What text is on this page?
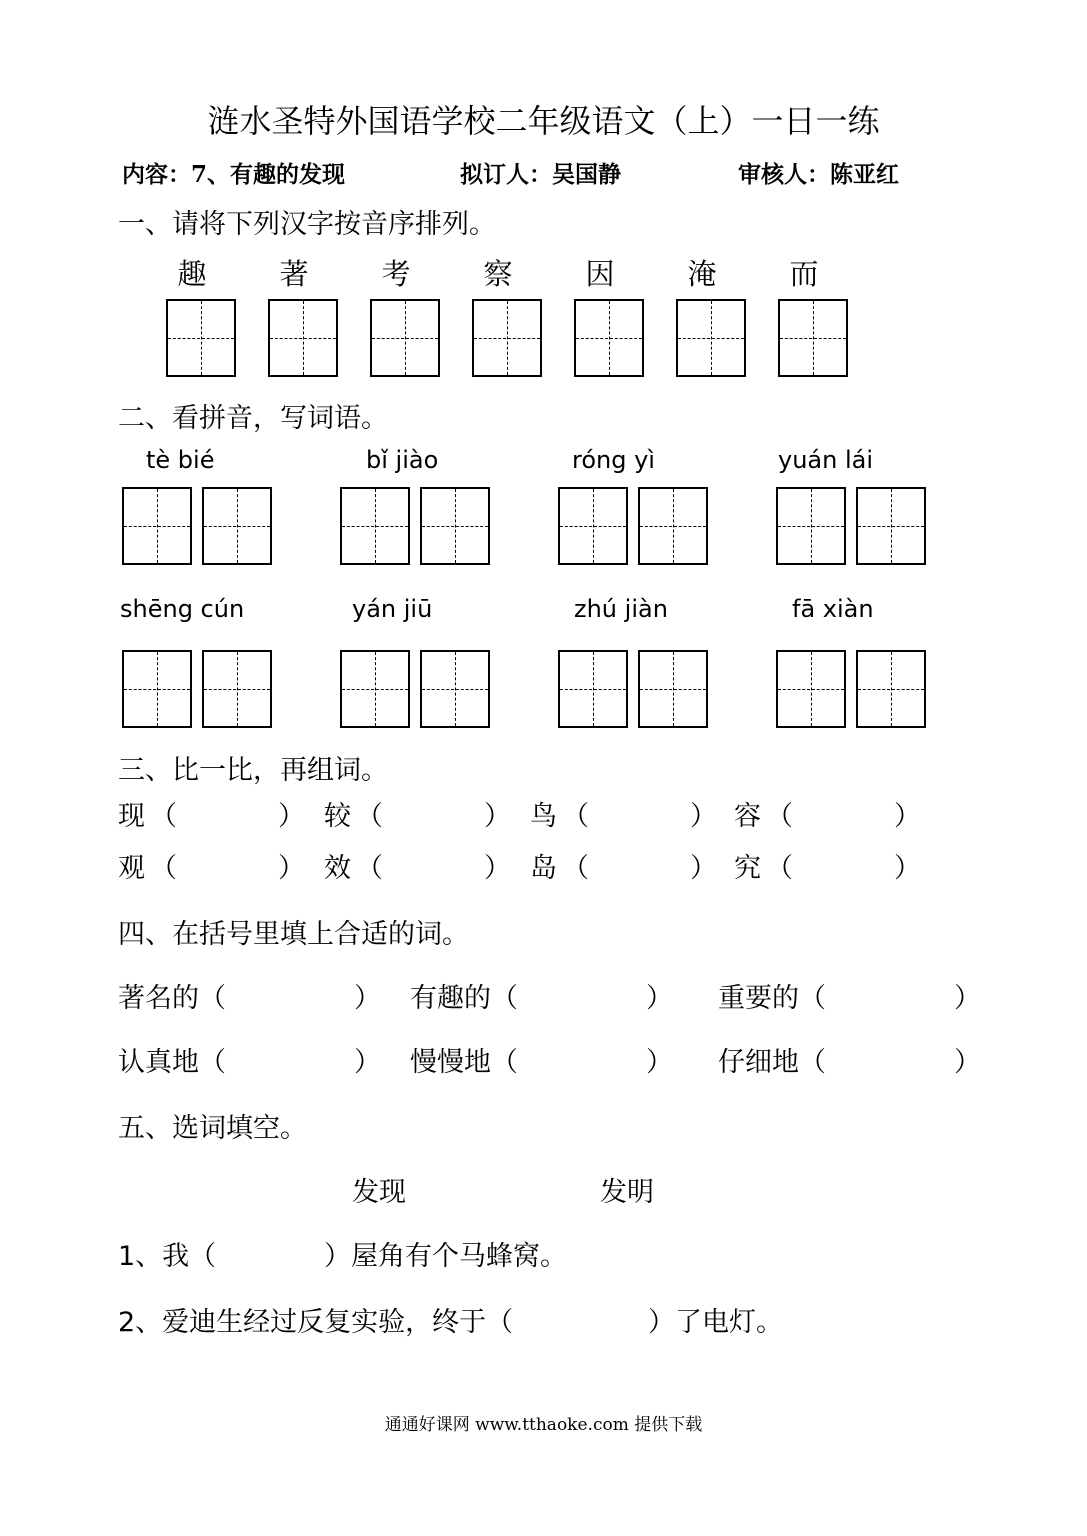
涟水圣特外国语学校二年级语文（上）一日一练
内容：7、有趣的发现	拟订人：吴国静	审核人：陈亚红
一、请将下列汉字按音序排列。
趣	著	考	察	因	淹	而
二、看拼音，写词语。
tè bié	bǐ jiào	róng yì	yuán lái
shēng cún	yán jiū	zhú jiàn	fā xiàn
三、比一比，再组词。
现 （	） 较 （	） 鸟 （	） 容 （	）
观 （	） 效 （	） 岛 （	） 究 （	）
四、在括号里填上合适的词。
著名的（	） 有趣的（	） 重要的（	）
认真地（	） 慢慢地（	） 仔细地（	）
五、选词填空。
发现	发明
1、我（	）屋角有个马蜂窝。
2、爱迪生经过反复实验，终于（	）了电灯。
通通好课网 www.tthaoke.com 提供下载
